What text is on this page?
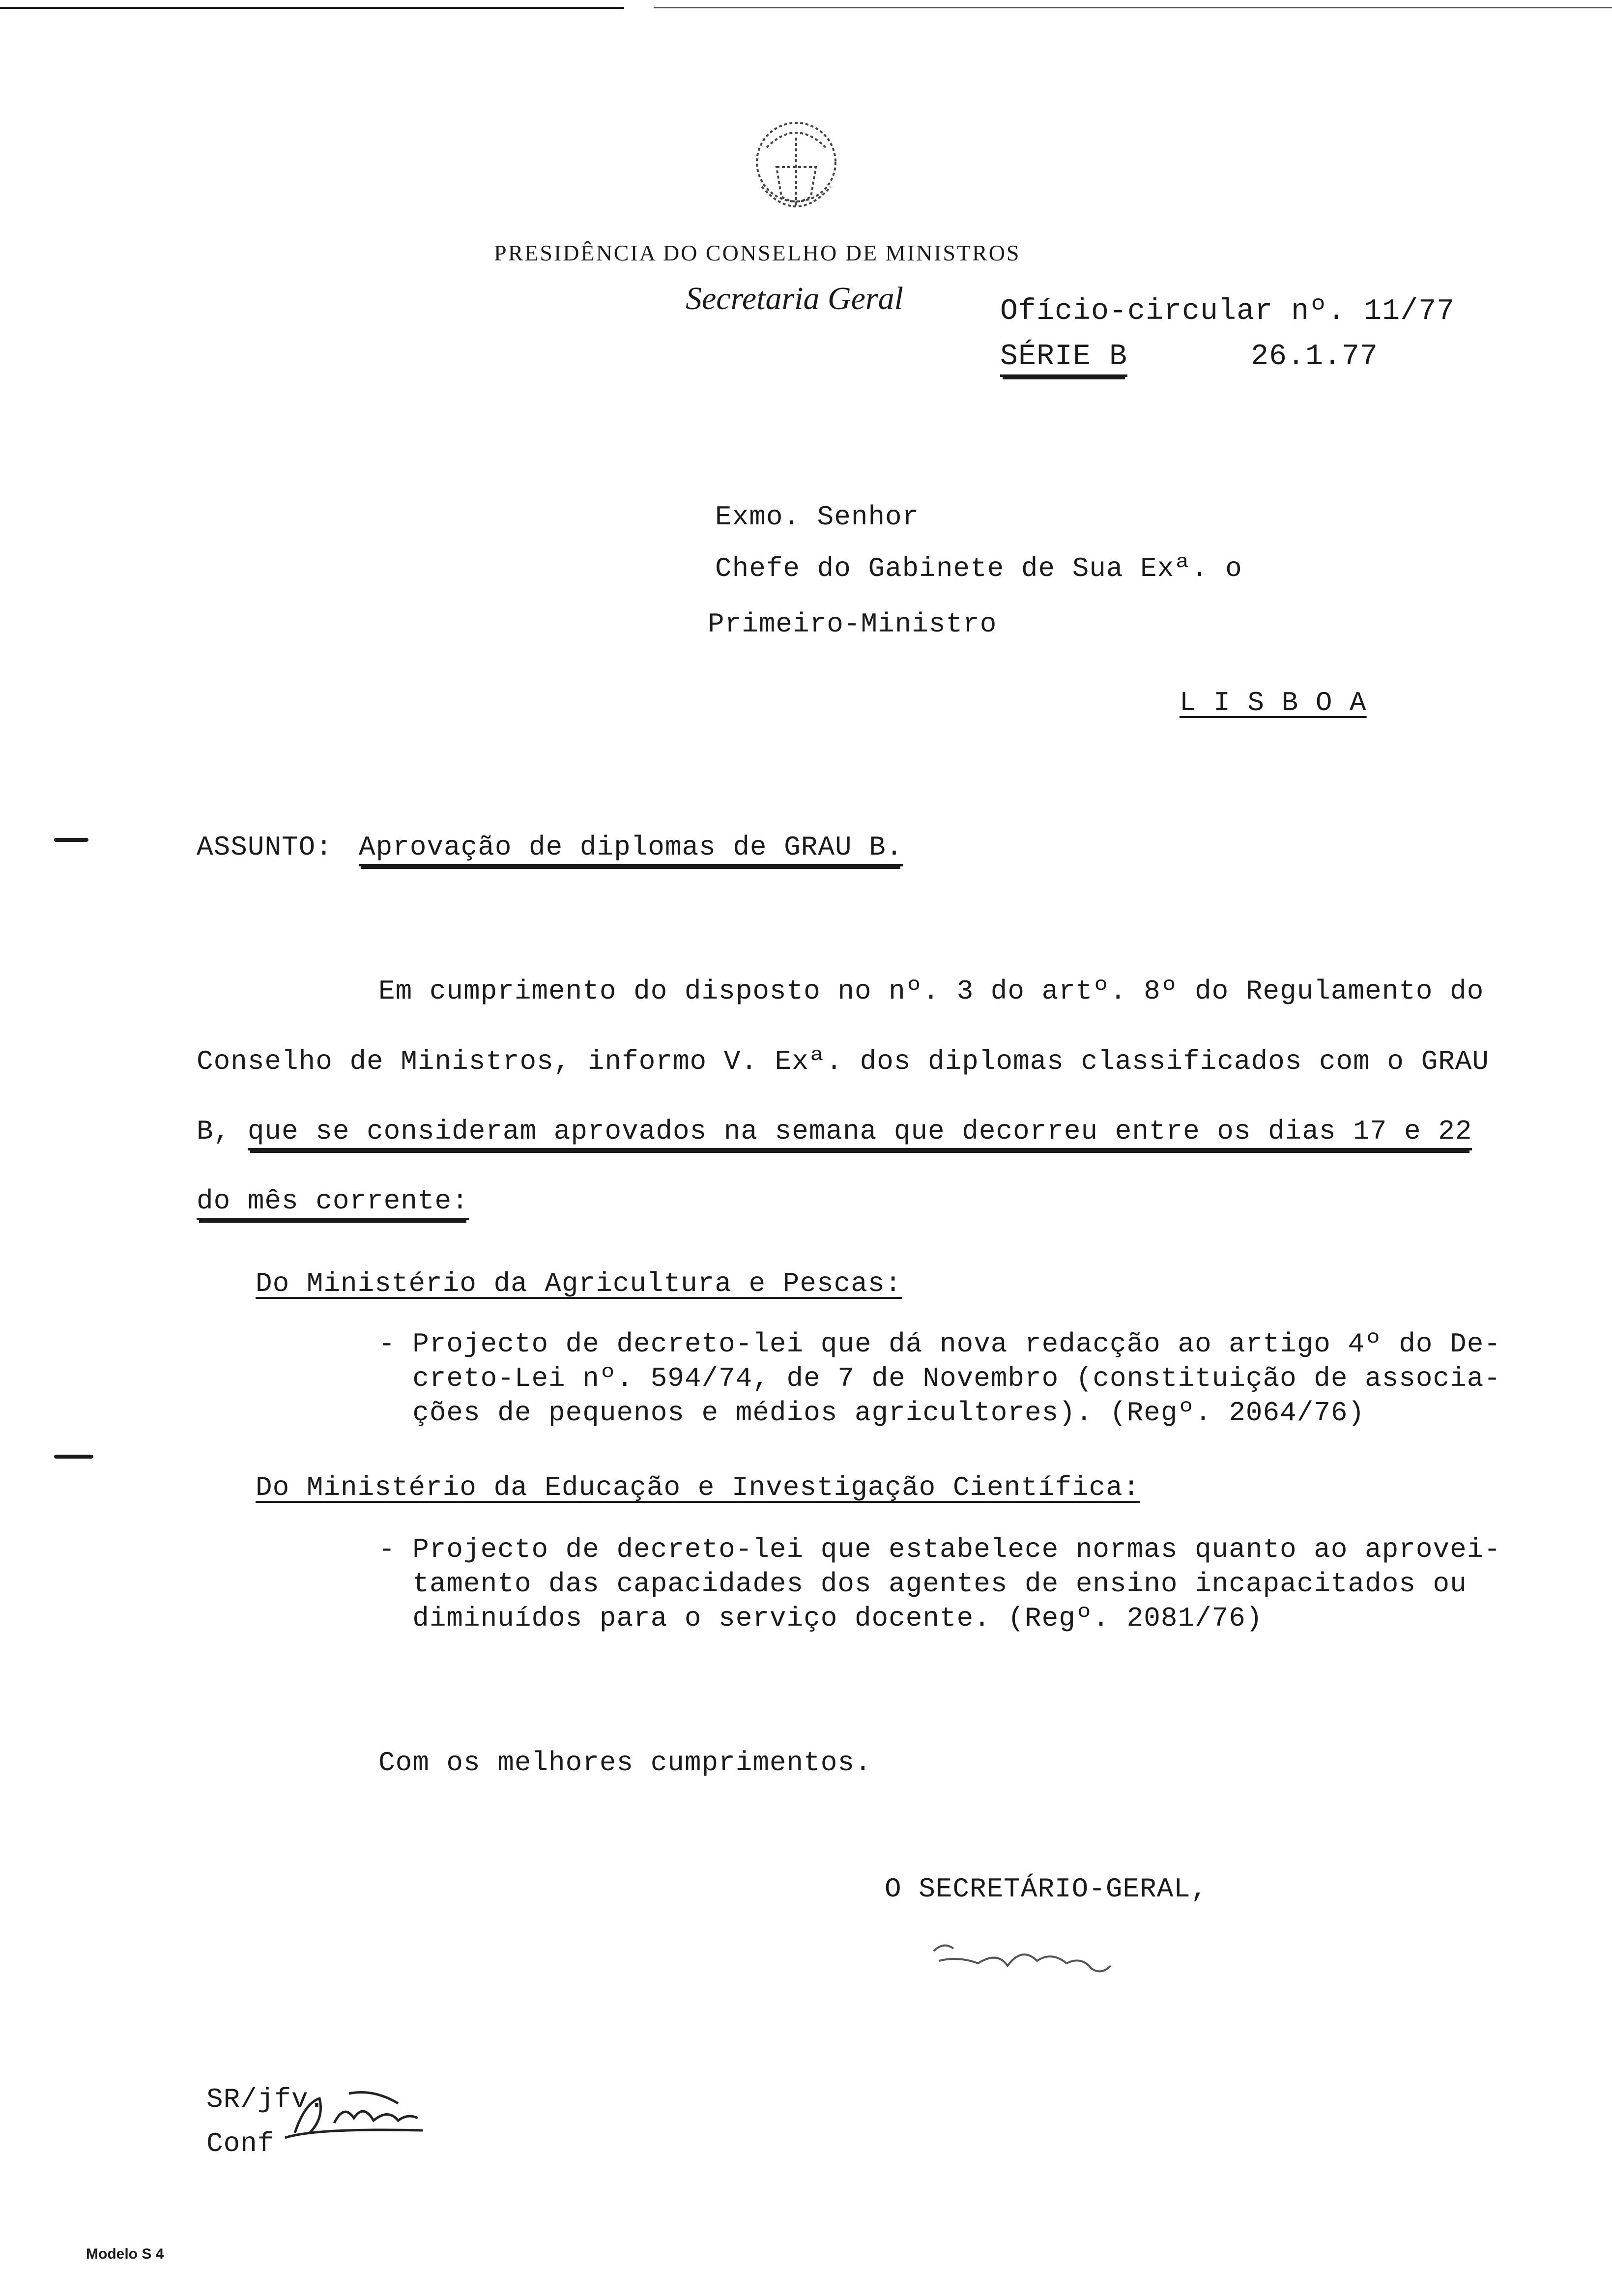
PRESIDÊNCIA DO CONSELHO DE MINISTROS
Secretaria Geral	Ofício-circular nº. 11/77
SÉRIE B	26.1.77
Exmo. Senhor
Chefe do Gabinete de Sua Exª. o
Primeiro-Ministro
L I S B O A
ASSUNTO: Aprovação de diplomas de GRAU B.
Em cumprimento do disposto no nº. 3 do artº. 8º do Regulamento do
Conselho de Ministros, informo V. Exª. dos diplomas classificados com o GRAU
B, que se consideram aprovados na semana que decorreu entre os dias 17 e 22
do mês corrente:
Do Ministério da Agricultura e Pescas:
- Projecto de decreto-lei que dá nova redacção ao artigo 4º do De-
creto-Lei nº. 594/74, de 7 de Novembro (constituição de associa-
ções de pequenos e médios agricultores). (Regº. 2064/76)
Do Ministério da Educação e Investigação Científica:
- Projecto de decreto-lei que estabelece normas quanto ao aprovei-
tamento das capacidades dos agentes de ensino incapacitados ou
diminuídos para o serviço docente. (Regº. 2081/76)
Com os melhores cumprimentos.
O SECRETÁRIO-GERAL,
SR/jfv.
Conf
Modelo S 4
